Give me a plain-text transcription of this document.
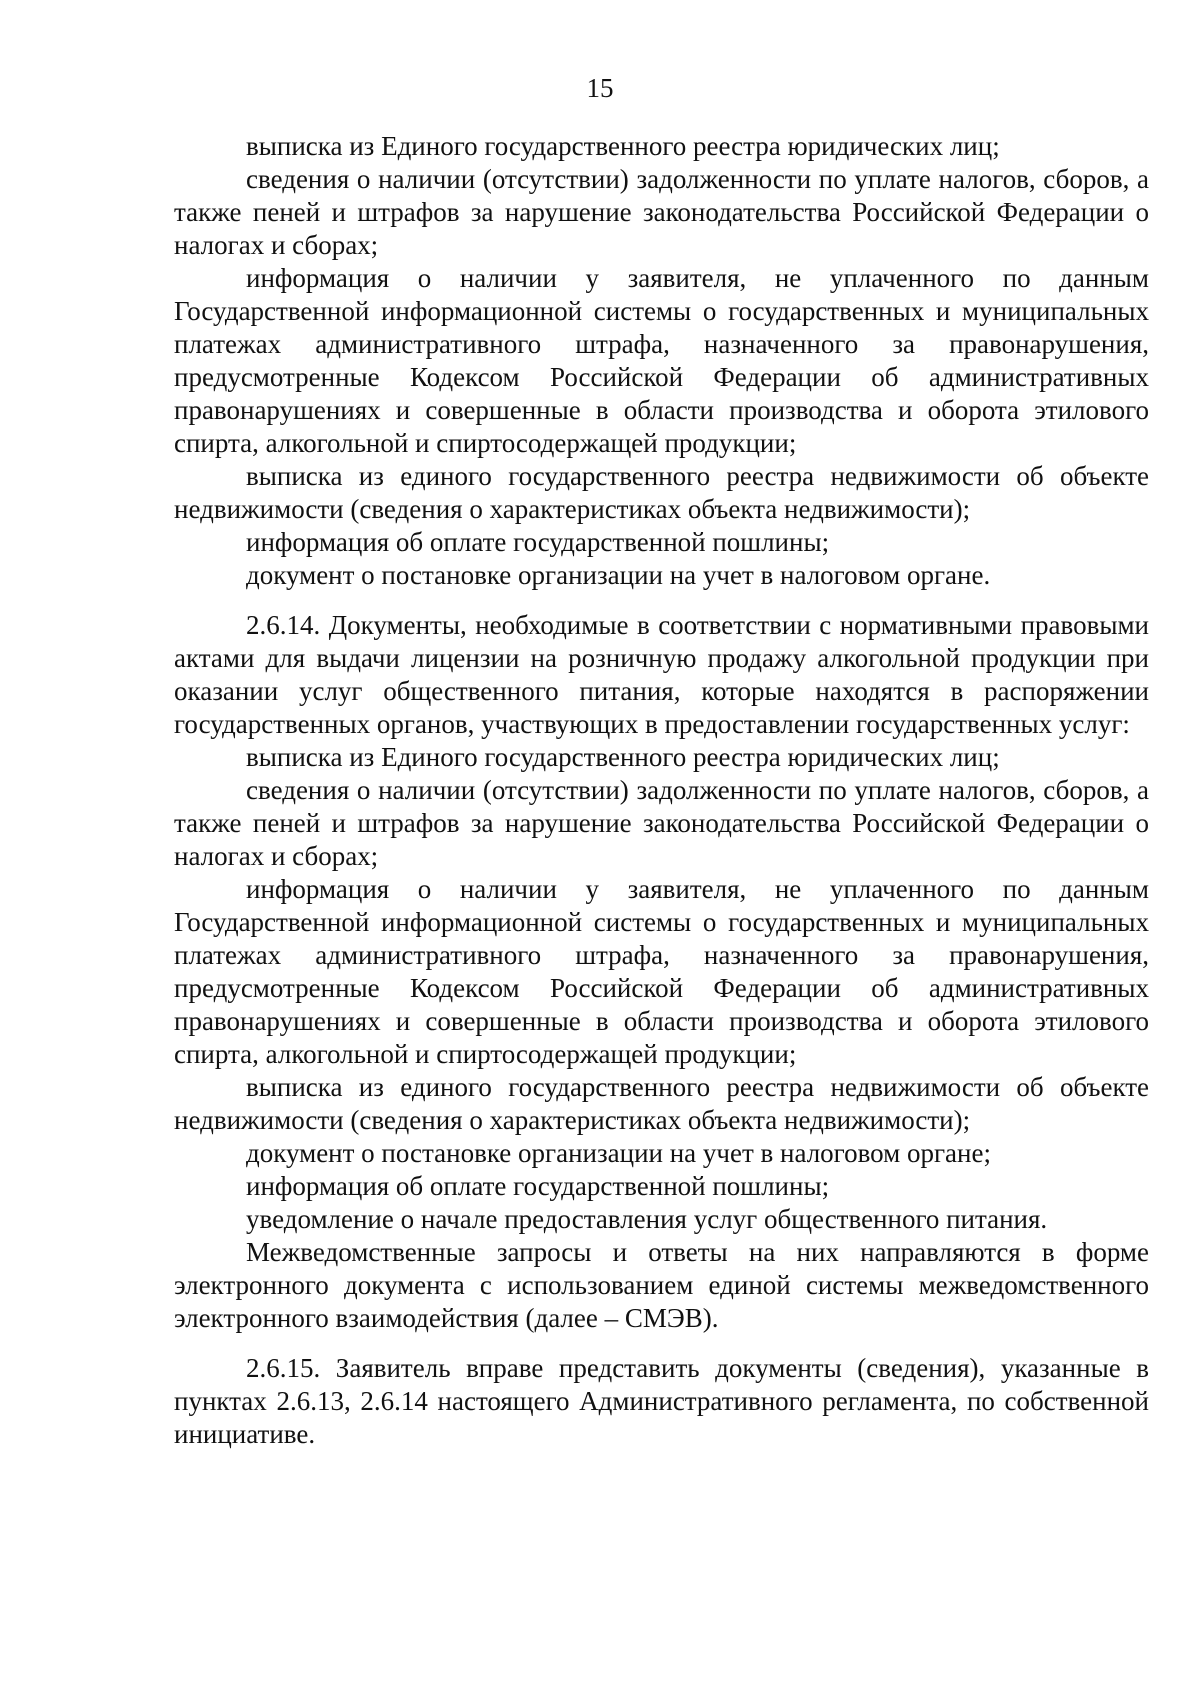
15

выписка из Единого государственного реестра юридических лиц;

сведения о наличии (отсутствии) задолженности по уплате налогов, сборов, а также пеней и штрафов за нарушение законодательства Российской Федерации о налогах и сборах;

информация о наличии у заявителя, не уплаченного по данным Государственной информационной системы о государственных и муниципальных платежах административного штрафа, назначенного за правонарушения, предусмотренные Кодексом Российской Федерации об административных правонарушениях и совершенные в области производства и оборота этилового спирта, алкогольной и спиртосодержащей продукции;

выписка из единого государственного реестра недвижимости об объекте недвижимости (сведения о характеристиках объекта недвижимости);

информация об оплате государственной пошлины;

документ о постановке организации на учет в налоговом органе.

2.6.14. Документы, необходимые в соответствии с нормативными правовыми актами для выдачи лицензии на розничную продажу алкогольной продукции при оказании услуг общественного питания, которые находятся в распоряжении государственных органов, участвующих в предоставлении государственных услуг:

выписка из Единого государственного реестра юридических лиц;

сведения о наличии (отсутствии) задолженности по уплате налогов, сборов, а также пеней и штрафов за нарушение законодательства Российской Федерации о налогах и сборах;

информация о наличии у заявителя, не уплаченного по данным Государственной информационной системы о государственных и муниципальных платежах административного штрафа, назначенного за правонарушения, предусмотренные Кодексом Российской Федерации об административных правонарушениях и совершенные в области производства и оборота этилового спирта, алкогольной и спиртосодержащей продукции;

выписка из единого государственного реестра недвижимости об объекте недвижимости (сведения о характеристиках объекта недвижимости);

документ о постановке организации на учет в налоговом органе;

информация об оплате государственной пошлины;

уведомление о начале предоставления услуг общественного питания.

Межведомственные запросы и ответы на них направляются в форме электронного документа с использованием единой системы межведомственного электронного взаимодействия (далее – СМЭВ).

2.6.15. Заявитель вправе представить документы (сведения), указанные в пунктах 2.6.13, 2.6.14 настоящего Административного регламента, по собственной инициативе.
